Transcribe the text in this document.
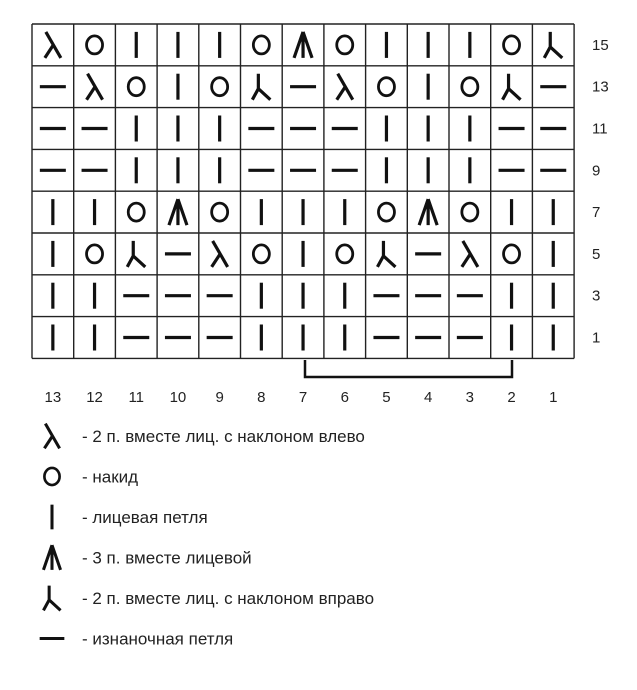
15
13
11
9
7
5
3
1
13 12 11 10 9 8 7 6 5 4 3 2 1
- 2 п. вместе лиц. с наклоном влево
- накид
- лицевая петля
- 3 п. вместе лицевой
- 2 п. вместе лиц. с наклоном вправо
- изнаночная петля
